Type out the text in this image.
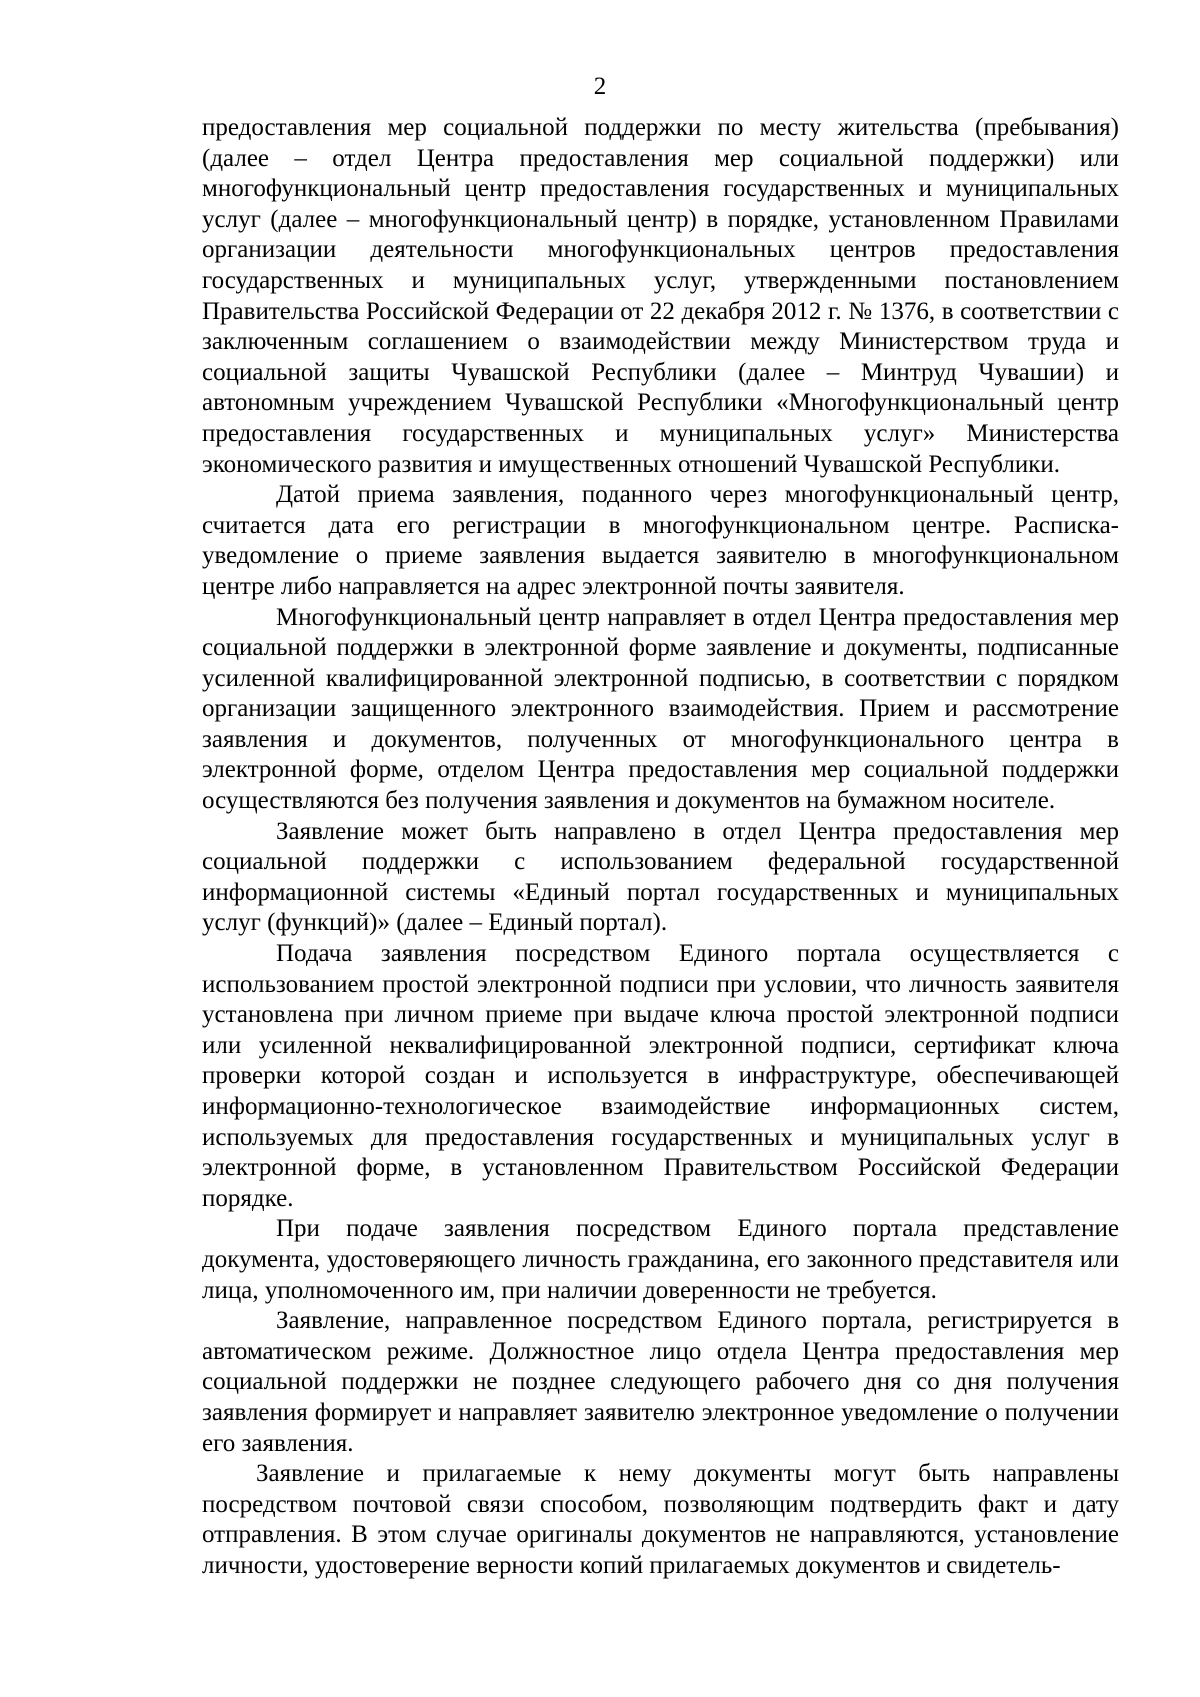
2

предоставления мер социальной поддержки по месту жительства (пребывания) (далее – отдел Центра предоставления мер социальной поддержки) или многофункциональный центр предоставления государственных и муниципальных услуг (далее – многофункциональный центр) в порядке, установленном Правилами организации деятельности многофункциональных центров предоставления государственных и муниципальных услуг, утвержденными постановлением Правительства Российской Федерации от 22 декабря 2012 г. № 1376, в соответствии с заключенным соглашением о взаимодействии между Министерством труда и социальной защиты Чувашской Республики (далее – Минтруд Чувашии) и автономным учреждением Чувашской Республики «Многофункциональный центр предоставления государственных и муниципальных услуг» Министерства экономического развития и имущественных отношений Чувашской Республики.

Датой приема заявления, поданного через многофункциональный центр, считается дата его регистрации в многофункциональном центре. Расписка-уведомление о приеме заявления выдается заявителю в многофункциональном центре либо направляется на адрес электронной почты заявителя.

Многофункциональный центр направляет в отдел Центра предоставления мер социальной поддержки в электронной форме заявление и документы, подписанные усиленной квалифицированной электронной подписью, в соответствии с порядком организации защищенного электронного взаимодействия. Прием и рассмотрение заявления и документов, полученных от многофункционального центра в электронной форме, отделом Центра предоставления мер социальной поддержки осуществляются без получения заявления и документов на бумажном носителе.

Заявление может быть направлено в отдел Центра предоставления мер социальной поддержки с использованием федеральной государственной информационной системы «Единый портал государственных и муниципальных услуг (функций)» (далее – Единый портал).

Подача заявления посредством Единого портала осуществляется с использованием простой электронной подписи при условии, что личность заявителя установлена при личном приеме при выдаче ключа простой электронной подписи или усиленной неквалифицированной электронной подписи, сертификат ключа проверки которой создан и используется в инфраструктуре, обеспечивающей информационно-технологическое взаимодействие информационных систем, используемых для предоставления государственных и муниципальных услуг в электронной форме, в установленном Правительством Российской Федерации порядке.

При подаче заявления посредством Единого портала представление документа, удостоверяющего личность гражданина, его законного представителя или лица, уполномоченного им, при наличии доверенности не требуется.

Заявление, направленное посредством Единого портала, регистрируется в автоматическом режиме. Должностное лицо отдела Центра предоставления мер социальной поддержки не позднее следующего рабочего дня со дня получения заявления формирует и направляет заявителю электронное уведомление о получении его заявления.

Заявление и прилагаемые к нему документы могут быть направлены посредством почтовой связи способом, позволяющим подтвердить факт и дату отправления. В этом случае оригиналы документов не направляются, установление личности, удостоверение верности копий прилагаемых документов и свидетель-
